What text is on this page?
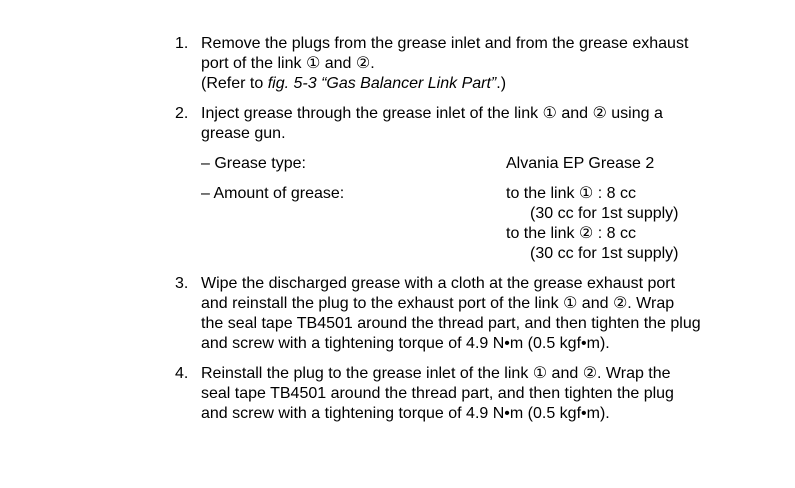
1. Remove the plugs from the grease inlet and from the grease exhaust
port of the link ① and ②.
(Refer to fig. 5-3 “Gas Balancer Link Part”.)
2. Inject grease through the grease inlet of the link ① and ② using a
grease gun.
– Grease type:	Alvania EP Grease 2
– Amount of grease:	to the link ① : 8 cc
(30 cc for 1st supply)
to the link ② : 8 cc
(30 cc for 1st supply)
3. Wipe the discharged grease with a cloth at the grease exhaust port
and reinstall the plug to the exhaust port of the link ① and ②. Wrap
the seal tape TB4501 around the thread part, and then tighten the plug
and screw with a tightening torque of 4.9 N•m (0.5 kgf•m).
4. Reinstall the plug to the grease inlet of the link ① and ②. Wrap the
seal tape TB4501 around the thread part, and then tighten the plug
and screw with a tightening torque of 4.9 N•m (0.5 kgf•m).
